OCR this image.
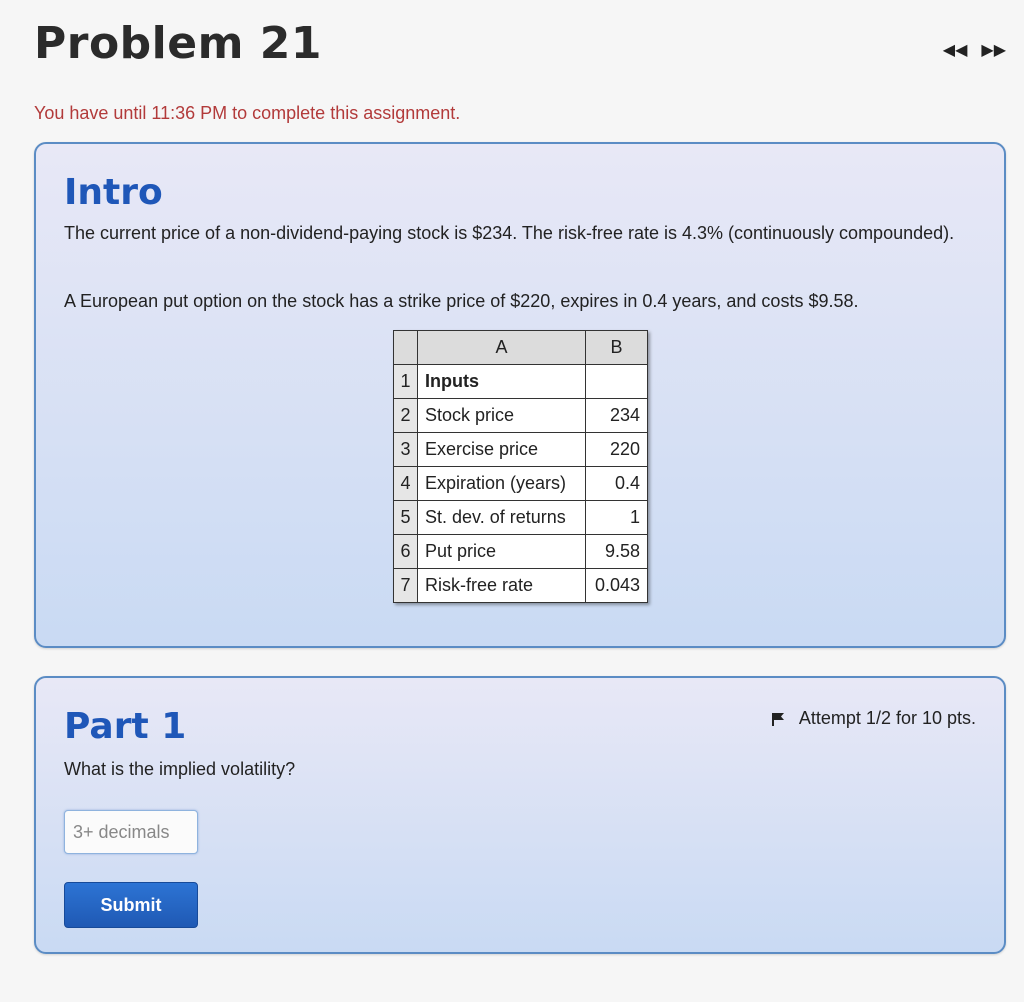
Problem 21	◀◀ ▶▶
You have until 11:36 PM to complete this assignment.
Intro
The current price of a non-dividend-paying stock is $234. The risk-free rate is 4.3% (continuously compounded).
A European put option on the stock has a strike price of $220, expires in 0.4 years, and costs $9.58.
	A	B
1	Inputs	
2	Stock price	234
3	Exercise price	220
4	Expiration (years)	0.4
5	St. dev. of returns	1
6	Put price	9.58
7	Risk-free rate	0.043
Part 1	Attempt 1/2 for 10 pts.
What is the implied volatility?
3+ decimals
Submit
